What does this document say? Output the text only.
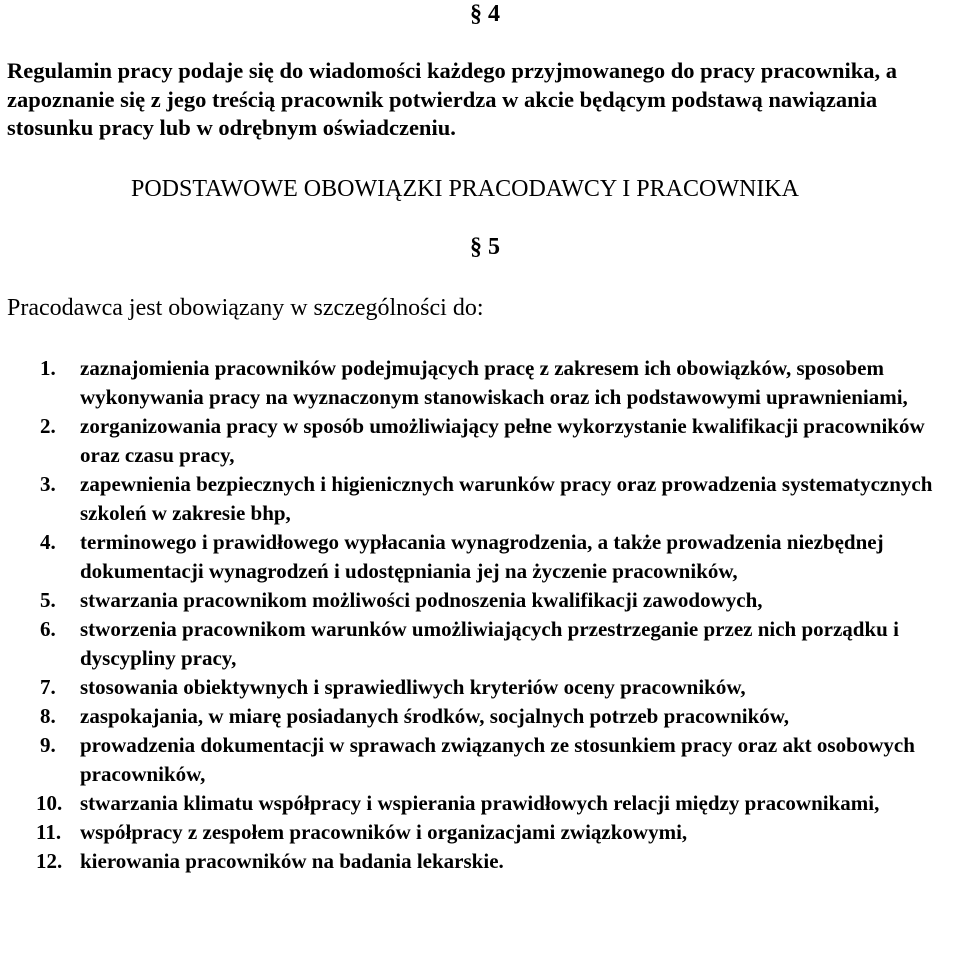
§ 4
Regulamin pracy podaje się do wiadomości każdego przyjmowanego do pracy pracownika, a zapoznanie się z jego treścią pracownik potwierdza w akcie będącym podstawą nawiązania stosunku pracy lub w odrębnym oświadczeniu.
PODSTAWOWE OBOWIĄZKI PRACODAWCY I PRACOWNIKA
§ 5
Pracodawca jest obowiązany w szczególności do:
1.	zaznajomienia pracowników podejmujących pracę z zakresem ich obowiązków, sposobem wykonywania pracy na wyznaczonym stanowiskach oraz ich podstawowymi uprawnieniami,
2.	zorganizowania pracy w sposób umożliwiający pełne wykorzystanie kwalifikacji pracowników oraz czasu pracy,
3.	zapewnienia bezpiecznych i higienicznych warunków pracy oraz prowadzenia systematycznych szkoleń w zakresie bhp,
4.	terminowego i prawidłowego wypłacania wynagrodzenia, a także prowadzenia niezbędnej dokumentacji wynagrodzeń i udostępniania jej na życzenie pracowników,
5.	stwarzania pracownikom możliwości podnoszenia kwalifikacji zawodowych,
6.	stworzenia pracownikom warunków umożliwiających przestrzeganie przez nich porządku i dyscypliny pracy,
7.	stosowania obiektywnych i sprawiedliwych kryteriów oceny pracowników,
8.	zaspokajania, w miarę posiadanych środków, socjalnych potrzeb pracowników,
9.	prowadzenia dokumentacji w sprawach związanych ze stosunkiem pracy oraz akt osobowych pracowników,
10. stwarzania klimatu współpracy i wspierania prawidłowych relacji między pracownikami,
11. współpracy z zespołem pracowników i organizacjami związkowymi,
12. kierowania pracowników na badania lekarskie.
